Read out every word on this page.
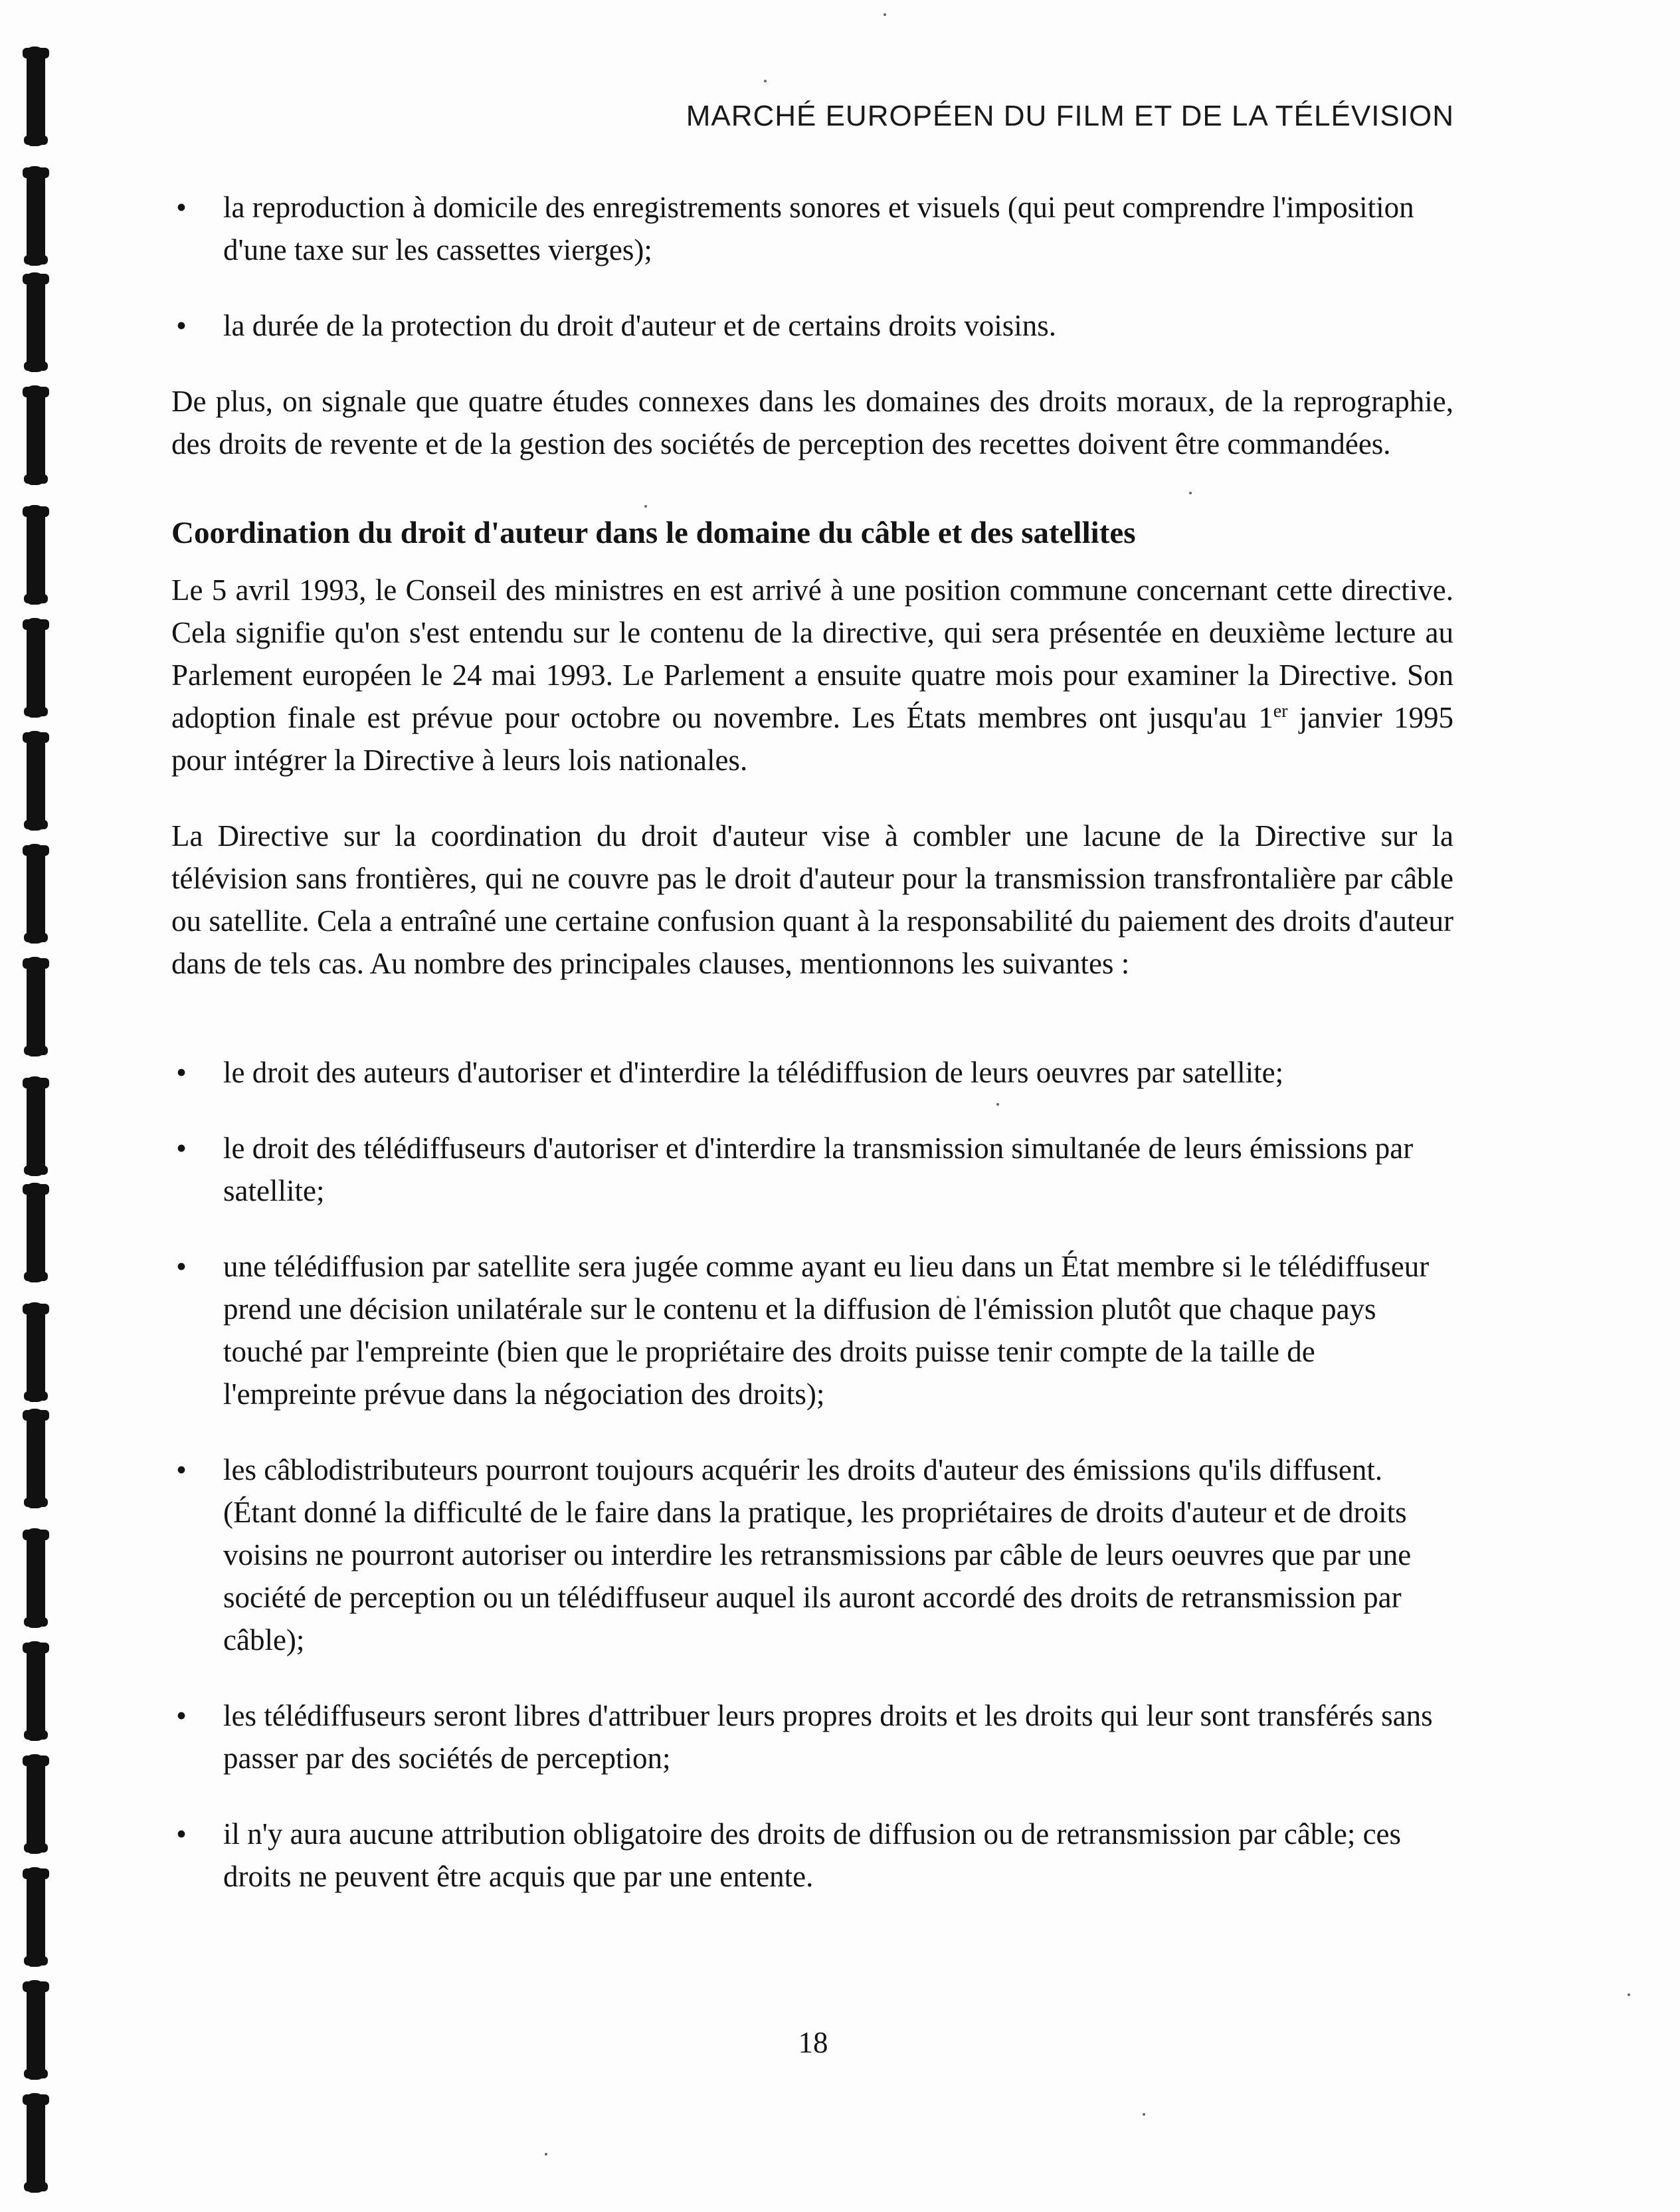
MARCHÉ EUROPÉEN DU FILM ET DE LA TÉLÉVISION
• la reproduction à domicile des enregistrements sonores et visuels (qui peut comprendre l'imposition d'une taxe sur les cassettes vierges);
• la durée de la protection du droit d'auteur et de certains droits voisins.

De plus, on signale que quatre études connexes dans les domaines des droits moraux, de la reprographie, des droits de revente et de la gestion des sociétés de perception des recettes doivent être commandées.

Coordination du droit d'auteur dans le domaine du câble et des satellites

Le 5 avril 1993, le Conseil des ministres en est arrivé à une position commune concernant cette directive. Cela signifie qu'on s'est entendu sur le contenu de la directive, qui sera présentée en deuxième lecture au Parlement européen le 24 mai 1993. Le Parlement a ensuite quatre mois pour examiner la Directive. Son adoption finale est prévue pour octobre ou novembre. Les États membres ont jusqu'au 1er janvier 1995 pour intégrer la Directive à leurs lois nationales.

La Directive sur la coordination du droit d'auteur vise à combler une lacune de la Directive sur la télévision sans frontières, qui ne couvre pas le droit d'auteur pour la transmission transfrontalière par câble ou satellite. Cela a entraîné une certaine confusion quant à la responsabilité du paiement des droits d'auteur dans de tels cas. Au nombre des principales clauses, mentionnons les suivantes :

• le droit des auteurs d'autoriser et d'interdire la télédiffusion de leurs oeuvres par satellite;
• le droit des télédiffuseurs d'autoriser et d'interdire la transmission simultanée de leurs émissions par satellite;
• une télédiffusion par satellite sera jugée comme ayant eu lieu dans un État membre si le télédiffuseur prend une décision unilatérale sur le contenu et la diffusion de l'émission plutôt que chaque pays touché par l'empreinte (bien que le propriétaire des droits puisse tenir compte de la taille de l'empreinte prévue dans la négociation des droits);
• les câblodistributeurs pourront toujours acquérir les droits d'auteur des émissions qu'ils diffusent. (Étant donné la difficulté de le faire dans la pratique, les propriétaires de droits d'auteur et de droits voisins ne pourront autoriser ou interdire les retransmissions par câble de leurs oeuvres que par une société de perception ou un télédiffuseur auquel ils auront accordé des droits de retransmission par câble);
• les télédiffuseurs seront libres d'attribuer leurs propres droits et les droits qui leur sont transférés sans passer par des sociétés de perception;
• il n'y aura aucune attribution obligatoire des droits de diffusion ou de retransmission par câble; ces droits ne peuvent être acquis que par une entente.
18
